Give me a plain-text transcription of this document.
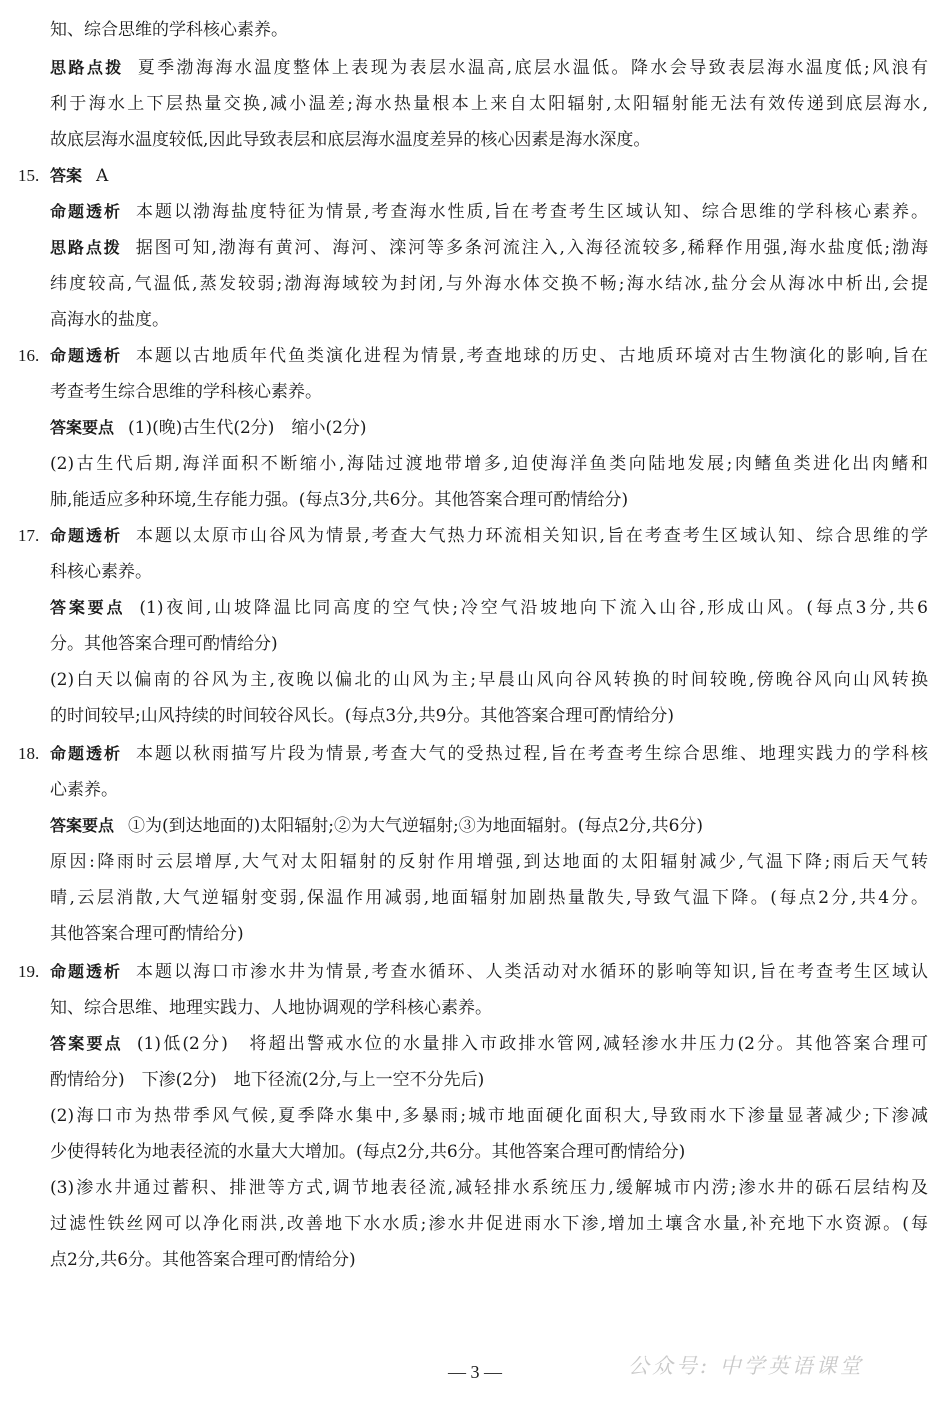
知、综合思维的学科核心素养。
思路点拨 夏季渤海海水温度整体上表现为表层水温高,底层水温低。降水会导致表层海水温度低;风浪有
利于海水上下层热量交换,减小温差;海水热量根本上来自太阳辐射,太阳辐射能无法有效传递到底层海水,
故底层海水温度较低,因此导致表层和底层海水温度差异的核心因素是海水深度。
15. 答案 A
命题透析 本题以渤海盐度特征为情景,考查海水性质,旨在考查考生区域认知、综合思维的学科核心素养。
思路点拨 据图可知,渤海有黄河、海河、滦河等多条河流注入,入海径流较多,稀释作用强,海水盐度低;渤海
纬度较高,气温低,蒸发较弱;渤海海域较为封闭,与外海水体交换不畅;海水结冰,盐分会从海冰中析出,会提
高海水的盐度。
16. 命题透析 本题以古地质年代鱼类演化进程为情景,考查地球的历史、古地质环境对古生物演化的影响,旨在
考查考生综合思维的学科核心素养。
答案要点 (1)(晚)古生代(2分)　缩小(2分)
(2)古生代后期,海洋面积不断缩小,海陆过渡地带增多,迫使海洋鱼类向陆地发展;肉鳍鱼类进化出肉鳍和
肺,能适应多种环境,生存能力强。(每点3分,共6分。其他答案合理可酌情给分)
17. 命题透析 本题以太原市山谷风为情景,考查大气热力环流相关知识,旨在考查考生区域认知、综合思维的学
科核心素养。
答案要点 (1)夜间,山坡降温比同高度的空气快;冷空气沿坡地向下流入山谷,形成山风。(每点3分,共6
分。其他答案合理可酌情给分)
(2)白天以偏南的谷风为主,夜晚以偏北的山风为主;早晨山风向谷风转换的时间较晚,傍晚谷风向山风转换
的时间较早;山风持续的时间较谷风长。(每点3分,共9分。其他答案合理可酌情给分)
18. 命题透析 本题以秋雨描写片段为情景,考查大气的受热过程,旨在考查考生综合思维、地理实践力的学科核
心素养。
答案要点 ①为(到达地面的)太阳辐射;②为大气逆辐射;③为地面辐射。(每点2分,共6分)
原因:降雨时云层增厚,大气对太阳辐射的反射作用增强,到达地面的太阳辐射减少,气温下降;雨后天气转
晴,云层消散,大气逆辐射变弱,保温作用减弱,地面辐射加剧热量散失,导致气温下降。(每点2分,共4分。
其他答案合理可酌情给分)
19. 命题透析 本题以海口市渗水井为情景,考查水循环、人类活动对水循环的影响等知识,旨在考查考生区域认
知、综合思维、地理实践力、人地协调观的学科核心素养。
答案要点 (1)低(2分)　将超出警戒水位的水量排入市政排水管网,减轻渗水井压力(2分。其他答案合理可
酌情给分)　下渗(2分)　地下径流(2分,与上一空不分先后)
(2)海口市为热带季风气候,夏季降水集中,多暴雨;城市地面硬化面积大,导致雨水下渗量显著减少;下渗减
少使得转化为地表径流的水量大大增加。(每点2分,共6分。其他答案合理可酌情给分)
(3)渗水井通过蓄积、排泄等方式,调节地表径流,减轻排水系统压力,缓解城市内涝;渗水井的砾石层结构及
过滤性铁丝网可以净化雨洪,改善地下水水质;渗水井促进雨水下渗,增加土壤含水量,补充地下水资源。(每
点2分,共6分。其他答案合理可酌情给分)
— 3 —	公众号: 中学英语课堂
